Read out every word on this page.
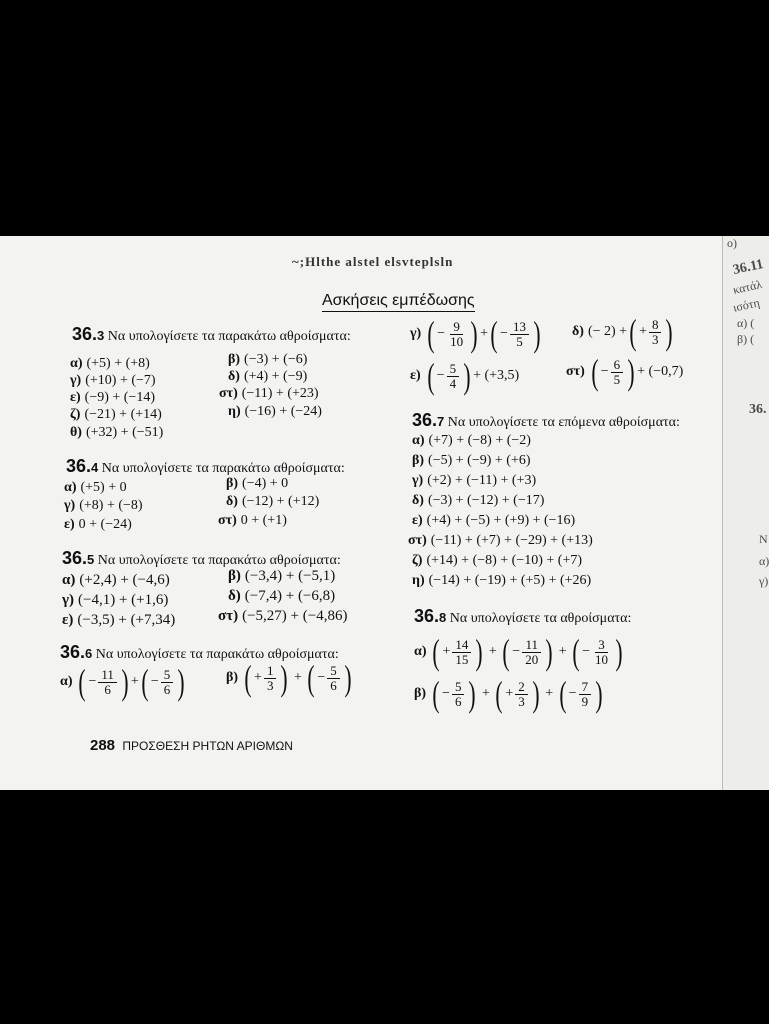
~;Hlthe alstel elsvteplsln
Ασκήσεις εμπέδωσης
36.3 Να υπολογίσετε τα παρακάτω αθροίσματα:
α) (+5) + (+8)	β) (−3) + (−6)
γ) (+10) + (−7)	δ) (+4) + (−9)
ε) (−9) + (−14)	στ) (−11) + (+23)
ζ) (−21) + (+14)	η) (−16) + (−24)
θ) (+32) + (−51)
36.4 Να υπολογίσετε τα παρακάτω αθροίσματα:
α) (+5) + 0	β) (−4) + 0
γ) (+8) + (−8)	δ) (−12) + (+12)
ε) 0 + (−24)	στ) 0 + (+1)
36.5 Να υπολογίσετε τα παρακάτω αθροίσματα:
α) (+2,4) + (−4,6)	β) (−3,4) + (−5,1)
γ) (−4,1) + (+1,6)	δ) (−7,4) + (−6,8)
ε) (−3,5) + (+7,34)	στ) (−5,27) + (−4,86)
36.6 Να υπολογίσετε τα παρακάτω αθροίσματα:
α) ( − $\frac{11}{6}$ ) +( − $\frac{5}{6}$ )	β) ( + $\frac{1}{3}$ ) + ( − $\frac{5}{6}$ )
γ) ( − $\frac{9}{10}$ ) +( − $\frac{13}{5}$ ) δ) (− 2) +( + $\frac{8}{3}$ )
ε) ( − $\frac{5}{4}$ ) + (+3,5)	στ) ( − $\frac{6}{5}$ ) + (−0,7)
36.7 Να υπολογίσετε τα επόμενα αθροίσματα:
α) (+7) + (−8) + (−2)
β) (−5) + (−9) + (+6)
γ) (+2) + (−11) + (+3)
δ) (−3) + (−12) + (−17)
ε) (+4) + (−5) + (+9) + (−16)
στ) (−11) + (+7) + (−29) + (+13)
ζ) (+14) + (−8) + (−10) + (+7)
η) (−14) + (−19) + (+5) + (+26)
36.8 Να υπολογίσετε τα αθροίσματα:
α) ( + $\frac{14}{15}$ ) + ( − $\frac{11}{20}$ ) + ( − $\frac{3}{10}$ )
β) ( − $\frac{5}{6}$ ) + ( + $\frac{2}{3}$ ) + ( − $\frac{7}{9}$ )
288 ΠΡΟΣΘΕΣΗ ΡΗΤΩΝ ΑΡΙΘΜΩΝ
ο)
36.11
κατάλ
ισότη
α) (
β) (
36.
Ν
α)
γ)
